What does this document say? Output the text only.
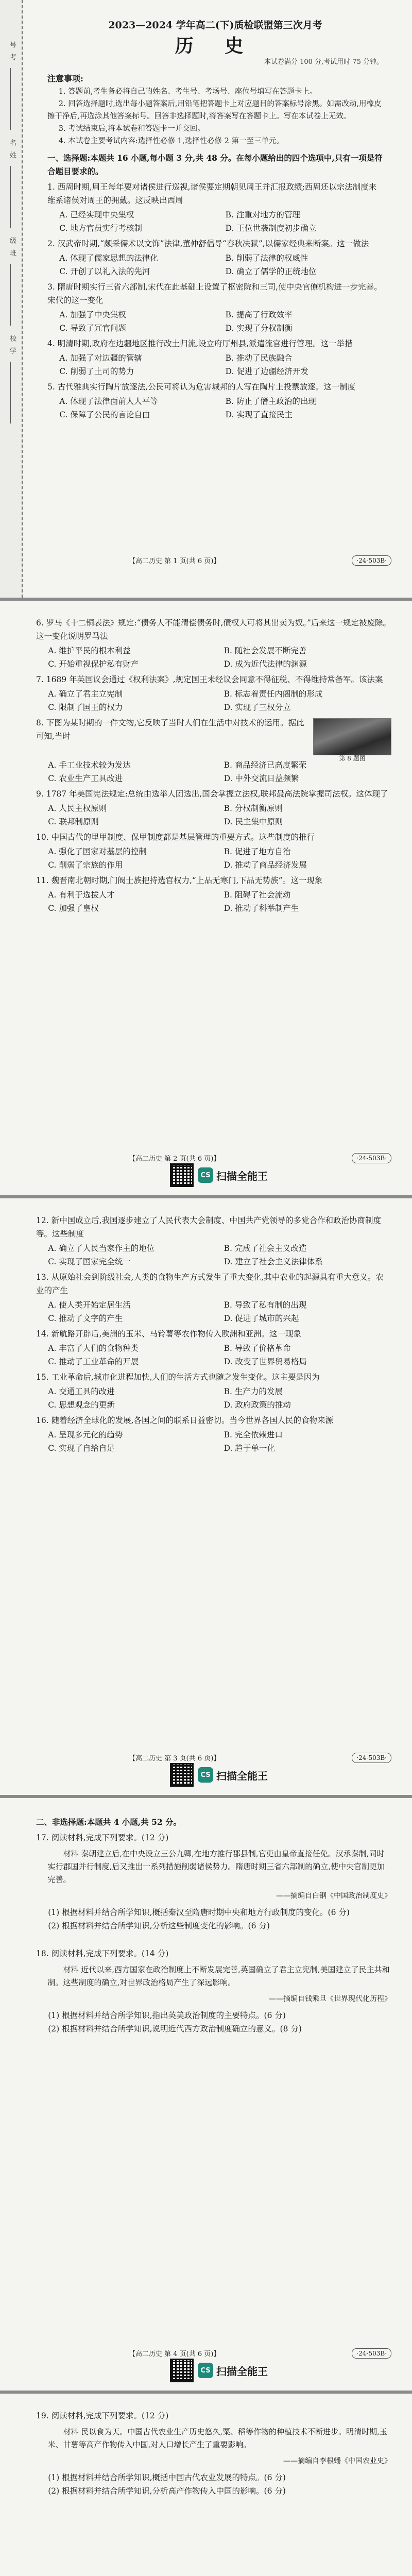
号
考
名
姓
级
班
校
学
2023—2024 学年高二(下)质检联盟第三次月考
历 史
本试卷满分 100 分,考试用时 75 分钟。
注意事项:

1. 答题前,考生务必将自己的姓名、考生号、考场号、座位号填写在答题卡上。

2. 回答选择题时,选出每小题答案后,用铅笔把答题卡上对应题目的答案标号涂黑。如需改动,用橡皮擦干净后,再选涂其他答案标号。回答非选择题时,将答案写在答题卡上。写在本试卷上无效。

3. 考试结束后,将本试卷和答题卡一并交回。

4. 本试卷主要考试内容:选择性必修 1,选择性必修 2 第一至三单元。

一、选择题:本题共 16 小题,每小题 3 分,共 48 分。在每小题给出的四个选项中,只有一项是符合题目要求的。
1. 西周时期,周王每年要对诸侯进行巡视,诸侯要定期朝见周王并汇报政绩;西周还以宗法制度来维系诸侯对周王的拥戴。这反映出西周
A. 已经实现中央集权	B. 注重对地方的管理
C. 地方官员实行考核制	D. 王位世袭制度初步确立
2. 汉武帝时期,“颇采儒术以文饰”法律,董仲舒倡导“春秋决狱”,以儒家经典来断案。这一做法
A. 体现了儒家思想的法律化	B. 削弱了法律的权威性
C. 开创了以礼入法的先河	D. 确立了儒学的正统地位
3. 隋唐时期实行三省六部制,宋代在此基础上设置了枢密院和三司,使中央官僚机构进一步完善。宋代的这一变化
A. 加强了中央集权	B. 提高了行政效率
C. 导致了冗官问题	D. 实现了分权制衡
4. 明清时期,政府在边疆地区推行改土归流,设立府厅州县,派遣流官进行管理。这一举措
A. 加强了对边疆的管辖	B. 推动了民族融合
C. 削弱了土司的势力	D. 促进了边疆经济开发
5. 古代雅典实行陶片放逐法,公民可将认为危害城邦的人写在陶片上投票放逐。这一制度
A. 体现了法律面前人人平等	B. 防止了僭主政治的出现
C. 保障了公民的言论自由	D. 实现了直接民主
【高二历史 第 1 页(共 6 页)】	·24-503B·
6. 罗马《十二铜表法》规定:“债务人不能清偿债务时,债权人可将其出卖为奴。”后来这一规定被废除。这一变化说明罗马法
A. 维护平民的根本利益	B. 随社会发展不断完善
C. 开始重视保护私有财产	D. 成为近代法律的渊源
7. 1689 年英国议会通过《权利法案》,规定国王未经议会同意不得征税、不得维持常备军。该法案
A. 确立了君主立宪制	B. 标志着责任内阁制的形成
C. 限制了国王的权力	D. 实现了三权分立
第 8 题图
8. 下图为某时期的一件文物,它反映了当时人们在生活中对技术的运用。据此可知,当时
A. 手工业技术较为发达	B. 商品经济已高度繁荣
C. 农业生产工具改进	D. 中外交流日益频繁
9. 1787 年美国宪法规定:总统由选举人团选出,国会掌握立法权,联邦最高法院掌握司法权。这体现了
A. 人民主权原则	B. 分权制衡原则
C. 联邦制原则	D. 民主集中原则
10. 中国古代的里甲制度、保甲制度都是基层管理的重要方式。这些制度的推行
A. 强化了国家对基层的控制	B. 促进了地方自治
C. 削弱了宗族的作用	D. 推动了商品经济发展
11. 魏晋南北朝时期,门阀士族把持选官权力,“上品无寒门,下品无势族”。这一现象
A. 有利于选拔人才	B. 阻碍了社会流动
C. 加强了皇权	D. 推动了科举制产生
【高二历史 第 2 页(共 6 页)】	·24-503B·
CS 扫描全能王
12. 新中国成立后,我国逐步建立了人民代表大会制度、中国共产党领导的多党合作和政治协商制度等。这些制度
A. 确立了人民当家作主的地位	B. 完成了社会主义改造
C. 实现了国家完全统一	D. 建立了社会主义法律体系
13. 从原始社会到阶级社会,人类的食物生产方式发生了重大变化,其中农业的起源具有重大意义。农业的产生
A. 使人类开始定居生活	B. 导致了私有制的出现
C. 推动了文字的产生	D. 促进了城市的兴起
14. 新航路开辟后,美洲的玉米、马铃薯等农作物传入欧洲和亚洲。这一现象
A. 丰富了人们的食物种类	B. 导致了价格革命
C. 推动了工业革命的开展	D. 改变了世界贸易格局
15. 工业革命后,城市化进程加快,人们的生活方式也随之发生变化。这主要是因为
A. 交通工具的改进	B. 生产力的发展
C. 思想观念的更新	D. 政府政策的推动
16. 随着经济全球化的发展,各国之间的联系日益密切。当今世界各国人民的食物来源
A. 呈现多元化的趋势	B. 完全依赖进口
C. 实现了自给自足	D. 趋于单一化
【高二历史 第 3 页(共 6 页)】	·24-503B·
CS 扫描全能王
二、非选择题:本题共 4 小题,共 52 分。
17. 阅读材料,完成下列要求。(12 分)
材料 秦朝建立后,在中央设立三公九卿,在地方推行郡县制,官吏由皇帝直接任免。汉承秦制,同时实行郡国并行制度,后又推出一系列措施削弱诸侯势力。隋唐时期三省六部制的确立,使中央官制更加完善。
——摘编自白钢《中国政治制度史》
(1) 根据材料并结合所学知识,概括秦汉至隋唐时期中央和地方行政制度的变化。(6 分)
(2) 根据材料并结合所学知识,分析这些制度变化的影响。(6 分)
18. 阅读材料,完成下列要求。(14 分)
材料 近代以来,西方国家在政治制度上不断发展完善,英国确立了君主立宪制,美国建立了民主共和制。这些制度的确立,对世界政治格局产生了深远影响。
——摘编自钱乘旦《世界现代化历程》
(1) 根据材料并结合所学知识,指出英美政治制度的主要特点。(6 分)
(2) 根据材料并结合所学知识,说明近代西方政治制度确立的意义。(8 分)
【高二历史 第 4 页(共 6 页)】	·24-503B·
CS 扫描全能王
19. 阅读材料,完成下列要求。(12 分)
材料 民以食为天。中国古代农业生产历史悠久,粟、稻等作物的种植技术不断进步。明清时期,玉米、甘薯等高产作物传入中国,对人口增长产生了重要影响。
——摘编自李根蟠《中国农业史》
(1) 根据材料并结合所学知识,概括中国古代农业发展的特点。(6 分)
(2) 根据材料并结合所学知识,分析高产作物传入中国的影响。(6 分)
